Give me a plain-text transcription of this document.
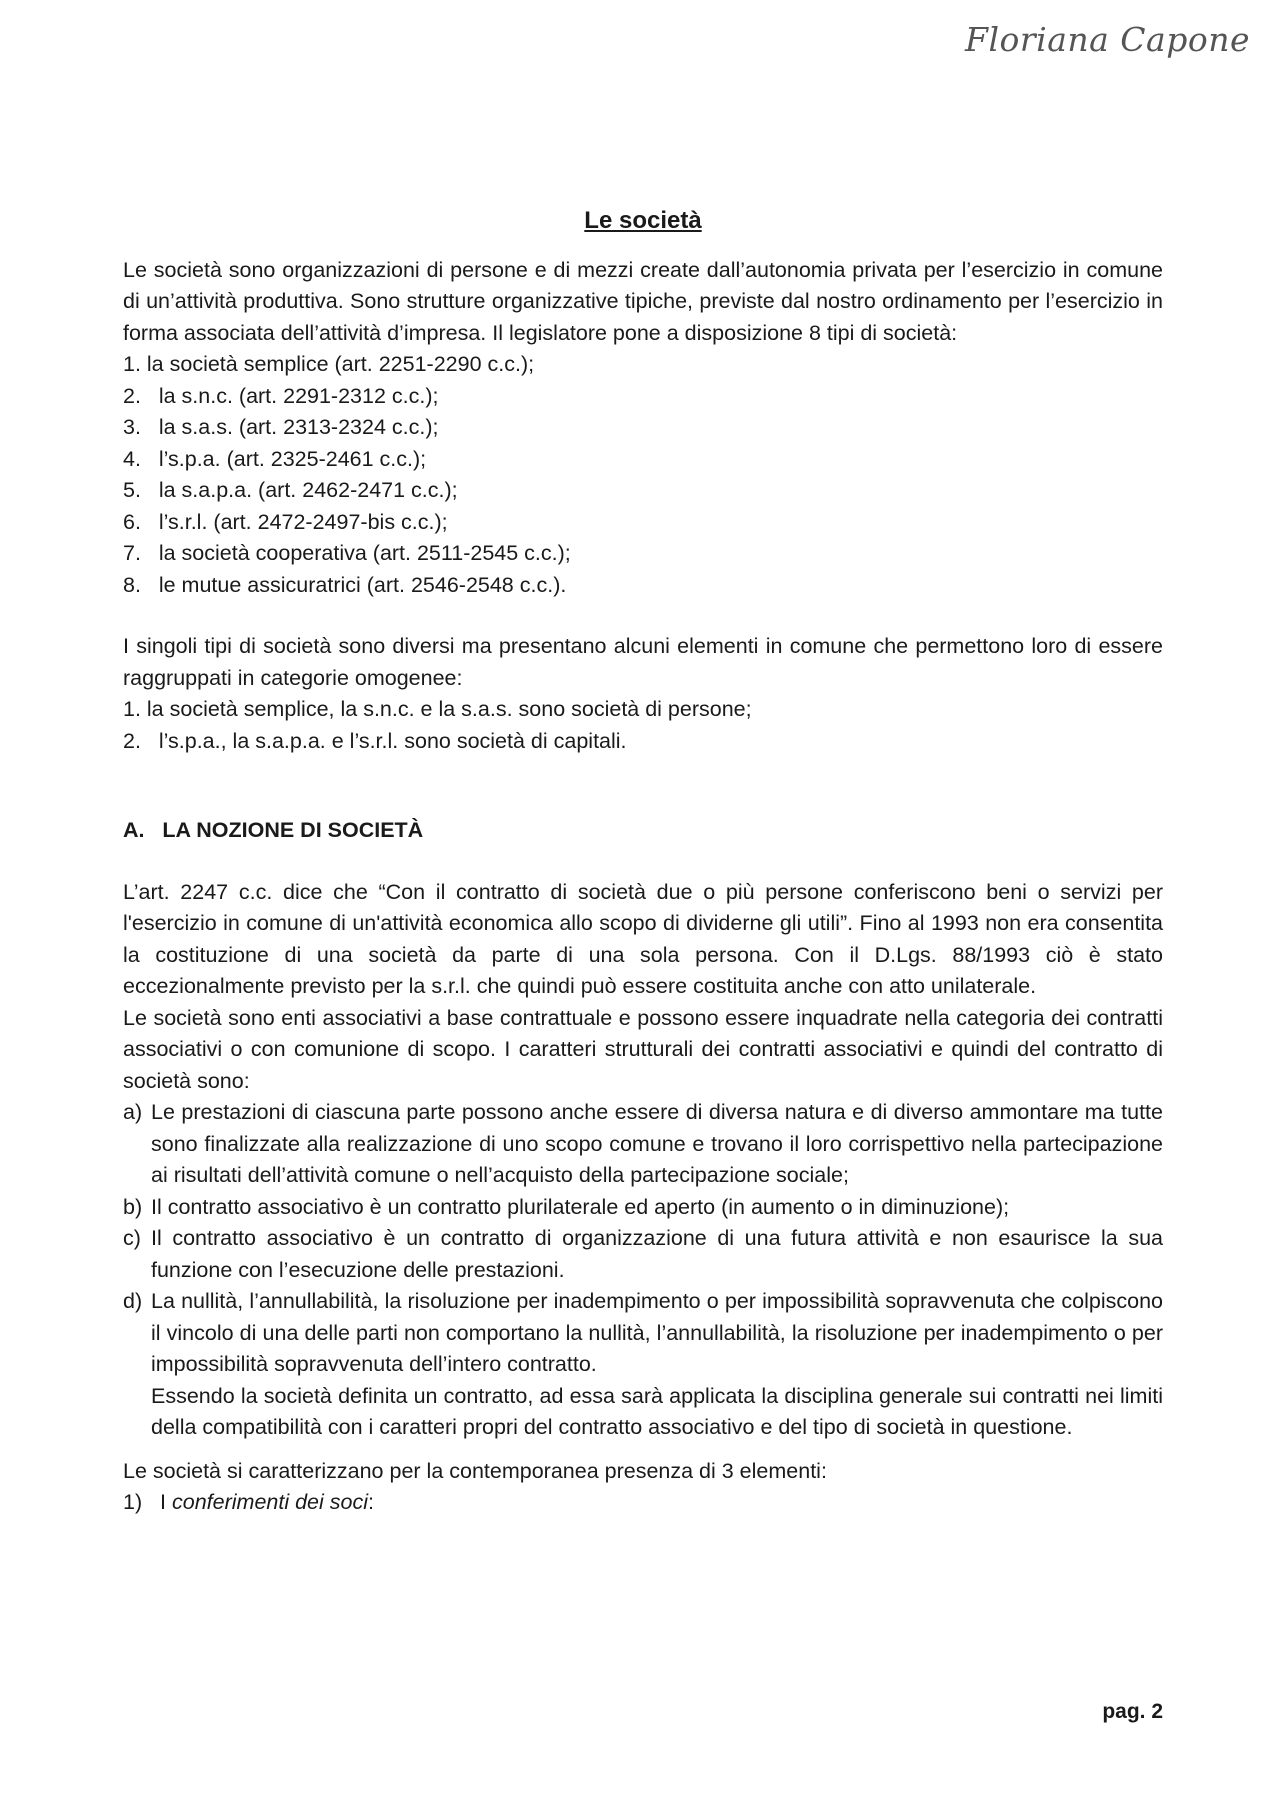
Floriana Capone
Le società

Le società sono organizzazioni di persone e di mezzi create dall’autonomia privata per l’esercizio in comune di un’attività produttiva. Sono strutture organizzative tipiche, previste dal nostro ordinamento per l’esercizio in forma associata dell’attività d’impresa. Il legislatore pone a disposizione 8 tipi di società:

1. la società semplice (art. 2251-2290 c.c.);
2.   la s.n.c. (art. 2291-2312 c.c.);
3.   la s.a.s. (art. 2313-2324 c.c.);
4.   l’s.p.a. (art. 2325-2461 c.c.);
5.   la s.a.p.a. (art. 2462-2471 c.c.);
6.   l’s.r.l. (art. 2472-2497-bis c.c.);
7.   la società cooperativa (art. 2511-2545 c.c.);
8.   le mutue assicuratrici (art. 2546-2548 c.c.).

I singoli tipi di società sono diversi ma presentano alcuni elementi in comune che permettono loro di essere raggruppati in categorie omogenee:

1. la società semplice, la s.n.c. e la s.a.s. sono società di persone;
2.   l’s.p.a., la s.a.p.a. e l’s.r.l. sono società di capitali.
A.   LA NOZIONE DI SOCIETÀ

L’art. 2247 c.c. dice che “Con il contratto di società due o più persone conferiscono beni o servizi per l'esercizio in comune di un'attività economica allo scopo di dividerne gli utili”. Fino al 1993 non era consentita la costituzione di una società da parte di una sola persona. Con il D.Lgs. 88/1993 ciò è stato eccezionalmente previsto per la s.r.l. che quindi può essere costituita anche con atto unilaterale.

Le società sono enti associativi a base contrattuale e possono essere inquadrate nella categoria dei contratti associativi o con comunione di scopo. I caratteri strutturali dei contratti associativi e quindi del contratto di società sono:

a) Le prestazioni di ciascuna parte possono anche essere di diversa natura e di diverso ammontare ma tutte sono finalizzate alla realizzazione di uno scopo comune e trovano il loro corrispettivo nella partecipazione ai risultati dell’attività comune o nell’acquisto della partecipazione sociale;
b) Il contratto associativo è un contratto plurilaterale ed aperto (in aumento o in diminuzione);
c) Il contratto associativo è un contratto di organizzazione di una futura attività e non esaurisce la sua funzione con l’esecuzione delle prestazioni.
d) La nullità, l’annullabilità, la risoluzione per inadempimento o per impossibilità sopravvenuta che colpiscono il vincolo di una delle parti non comportano la nullità, l’annullabilità, la risoluzione per inadempimento o per impossibilità sopravvenuta dell’intero contratto.
Essendo la società definita un contratto, ad essa sarà applicata la disciplina generale sui contratti nei limiti della compatibilità con i caratteri propri del contratto associativo e del tipo di società in questione.

Le società si caratterizzano per la contemporanea presenza di 3 elementi:

1) I conferimenti dei soci:
pag. 2
